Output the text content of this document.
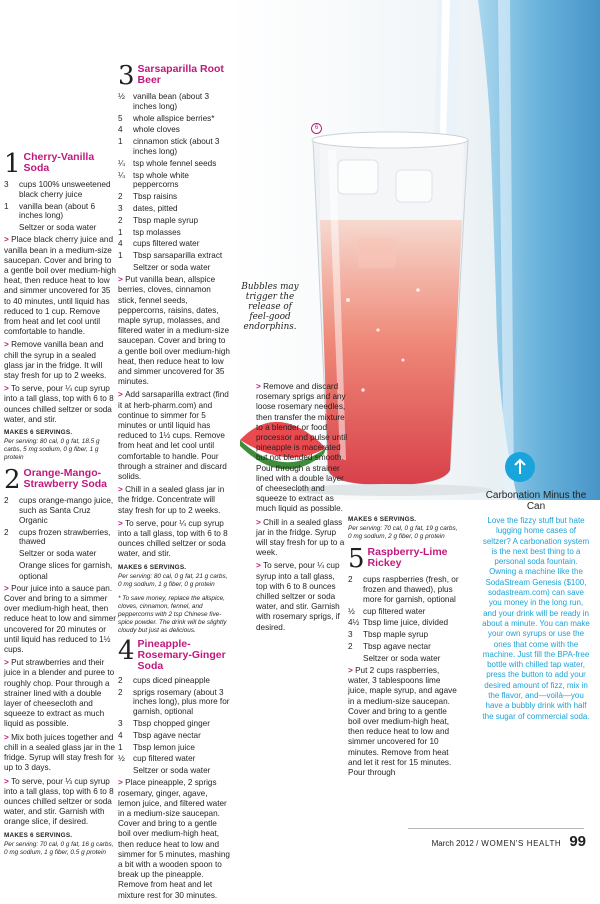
6
Bubbles may trigger the release of feel-good endorphins.
1 Cherry-Vanilla Soda
3	cups 100% unsweetened black cherry juice
1	vanilla bean (about 6 inches long)
Seltzer or soda water
> Place black cherry juice and vanilla bean in a medium-size saucepan. Cover and bring to a gentle boil over medium-high heat, then reduce heat to low and simmer uncovered for 35 to 40 minutes, until liquid has reduced to 1 cup. Remove from heat and let cool until comfortable to handle.
> Remove vanilla bean and chill the syrup in a sealed glass jar in the fridge. It will stay fresh for up to 2 weeks.
> To serve, pour ¼ cup syrup into a tall glass, top with 6 to 8 ounces chilled seltzer or soda water, and stir.
MAKES 6 SERVINGS.
Per serving: 80 cal, 0 g fat, 18.5 g carbs, 5 mg sodium, 0 g fiber, 1 g protein
2 Orange-Mango-Strawberry Soda
2	cups orange-mango juice, such as Santa Cruz Organic
2	cups frozen strawberries, thawed
Seltzer or soda water
Orange slices for garnish, optional
> Pour juice into a sauce pan. Cover and bring to a simmer over medium-high heat, then reduce heat to low and simmer uncovered for 20 minutes or until liquid has reduced to 1½ cups.
> Put strawberries and their juice in a blender and puree to roughly chop. Pour through a strainer lined with a double layer of cheesecloth and squeeze to extract as much liquid as possible.
> Mix both juices together and chill in a sealed glass jar in the fridge. Syrup will stay fresh for up to 3 days.
> To serve, pour ⅓ cup syrup into a tall glass, top with 6 to 8 ounces chilled seltzer or soda water, and stir. Garnish with orange slice, if desired.
MAKES 6 SERVINGS.
Per serving: 70 cal, 0 g fat, 16 g carbs, 0 mg sodium, 1 g fiber, 0.5 g protein
3 Sarsaparilla Root Beer
½ vanilla bean (about 3 inches long)
5	whole allspice berries*
4	whole cloves
1	cinnamon stick (about 3 inches long)
¼ tsp whole fennel seeds
¼ tsp whole white peppercorns
2	Tbsp raisins
3	dates, pitted
2	Tbsp maple syrup
1	tsp molasses
4	cups filtered water
1	Tbsp sarsaparilla extract
Seltzer or soda water
> Put vanilla bean, allspice berries, cloves, cinnamon stick, fennel seeds, peppercorns, raisins, dates, maple syrup, molasses, and filtered water in a medium-size saucepan. Cover and bring to a gentle boil over medium-high heat, then reduce heat to low and simmer uncovered for 35 minutes.
> Add sarsaparilla extract (find it at herb-pharm.com) and continue to simmer for 5 minutes or until liquid has reduced to 1½ cups. Remove from heat and let cool until comfortable to handle. Pour through a strainer and discard solids.
> Chill in a sealed glass jar in the fridge. Concentrate will stay fresh for up to 2 weeks.
> To serve, pour ¼ cup syrup into a tall glass, top with 6 to 8 ounces chilled seltzer or soda water, and stir.
MAKES 6 SERVINGS.
Per serving: 80 cal, 0 g fat, 21 g carbs, 0 mg sodium, 1 g fiber, 0 g protein
* To save money, replace the allspice, cloves, cinnamon, fennel, and peppercorns with 2 tsp Chinese five-spice powder. The drink will be slightly cloudy but just as delicious.
4 Pineapple-Rosemary-Ginger Soda
2	cups diced pineapple
2	sprigs rosemary (about 3 inches long), plus more for garnish, optional
3	Tbsp chopped ginger
4	Tbsp agave nectar
1	Tbsp lemon juice
½ cup filtered water
Seltzer or soda water
> Place pineapple, 2 sprigs rosemary, ginger, agave, lemon juice, and filtered water in a medium-size saucepan. Cover and bring to a gentle boil over medium-high heat, then reduce heat to low and simmer for 5 minutes, mashing a bit with a wooden spoon to break up the pineapple. Remove from heat and let mixture rest for 30 minutes.
> Remove and discard rosemary sprigs and any loose rosemary needles, then transfer the mixture to a blender or food processor and pulse until pineapple is macerated but not blended smooth. Pour through a strainer lined with a double layer of cheesecloth and squeeze to extract as much liquid as possible.
> Chill in a sealed glass jar in the fridge. Syrup will stay fresh for up to a week.
> To serve, pour ¼ cup syrup into a tall glass, top with 6 to 8 ounces chilled seltzer or soda water, and stir. Garnish with rosemary sprigs, if desired.
MAKES 6 SERVINGS.
Per serving: 70 cal, 0 g fat, 19 g carbs, 0 mg sodium, 2 g fiber, 0 g protein
5 Raspberry-Lime Rickey
2	cups raspberries (fresh, or frozen and thawed), plus more for garnish, optional
½ cup filtered water
4½ Tbsp lime juice, divided
3	Tbsp maple syrup
2	Tbsp agave nectar
Seltzer or soda water
> Put 2 cups raspberries, water, 3 tablespoons lime juice, maple syrup, and agave in a medium-size saucepan. Cover and bring to a gentle boil over medium-high heat, then reduce heat to low and simmer uncovered for 10 minutes. Remove from heat and let it rest for 15 minutes. Pour through
Carbonation Minus the Can
Love the fizzy stuff but hate lugging home cases of seltzer? A carbonation system is the next best thing to a personal soda fountain. Owning a machine like the SodaStream Genesis ($100, sodastream.com) can save you money in the long run, and your drink will be ready in about a minute. You can make your own syrups or use the ones that come with the machine. Just fill the BPA-free bottle with chilled tap water, press the button to add your desired amount of fizz, mix in the flavor, and—voilà—you have a bubbly drink with half the sugar of commercial soda.
March 2012 / WOMEN'S HEALTH 99
